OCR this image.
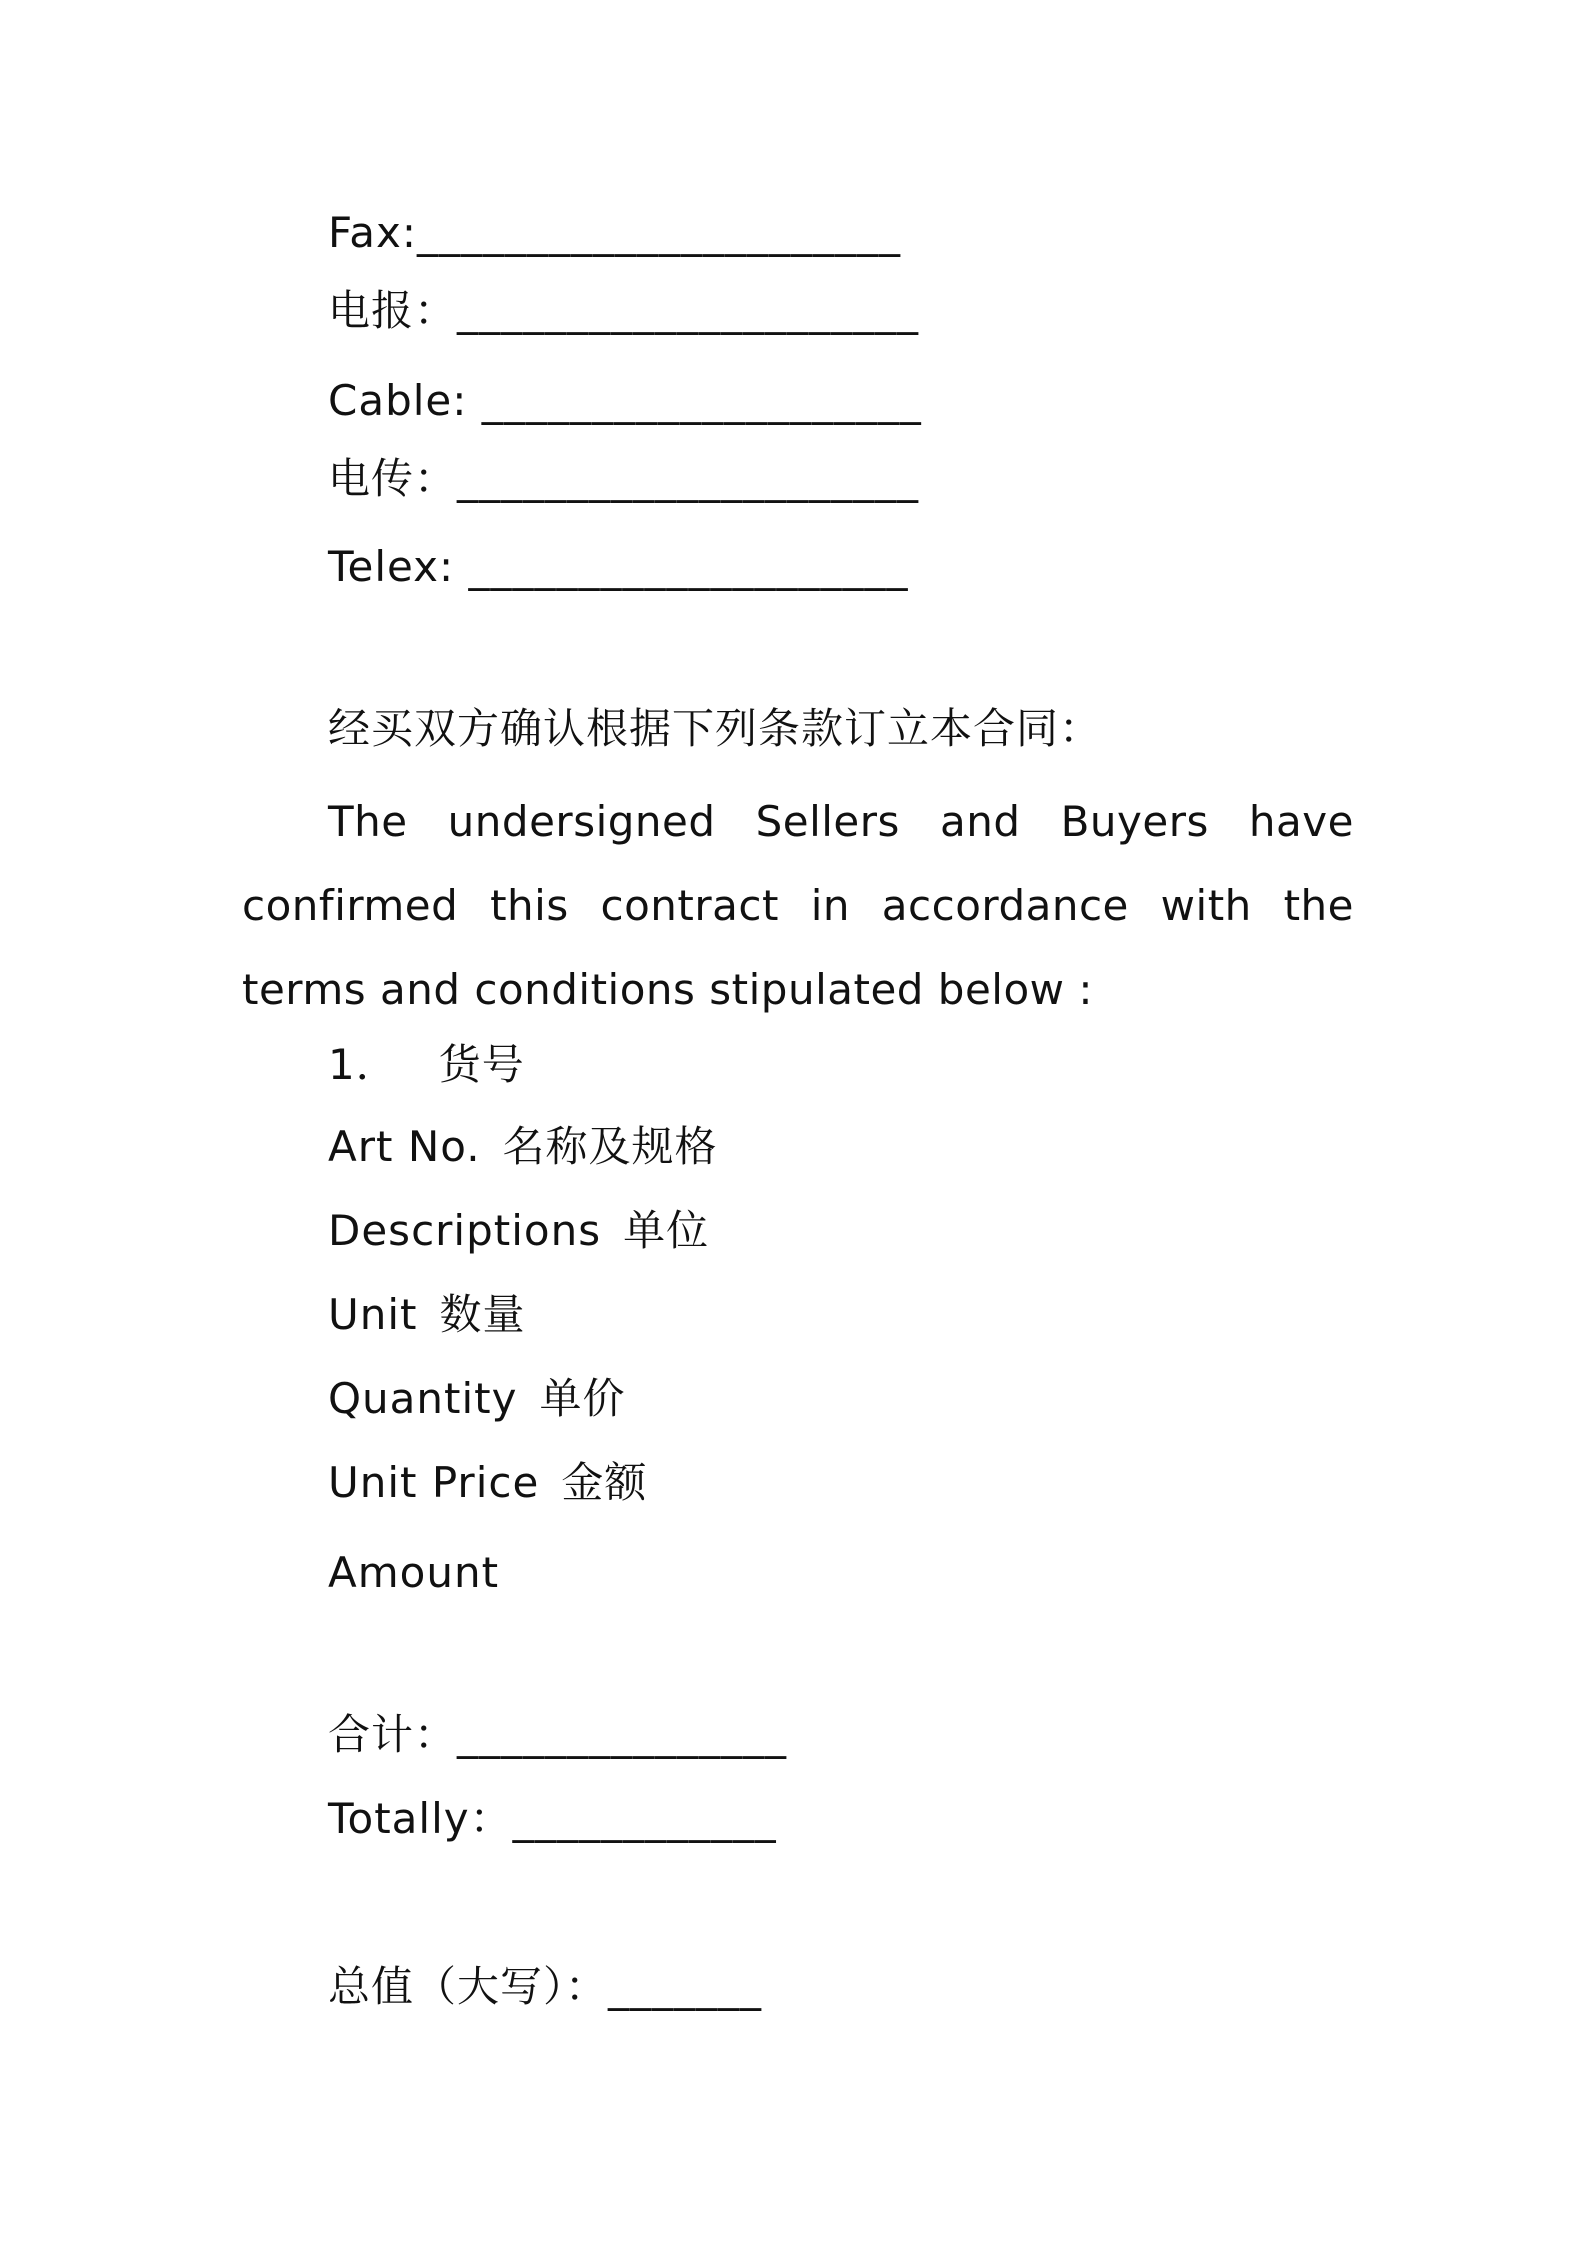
Fax:______________________
电报：_____________________
Cable: ____________________
电传：_____________________
Telex: ____________________
经买双方确认根据下列条款订立本合同：
The undersigned Sellers and Buyers have confirmed this contract in accordance with the terms and conditions stipulated below :
1． 货号
Art No. 名称及规格
Descriptions 单位
Unit 数量
Quantity 单价
Unit Price 金额
Amount
合计：_______________
Totally：____________
总值（大写）：_______
